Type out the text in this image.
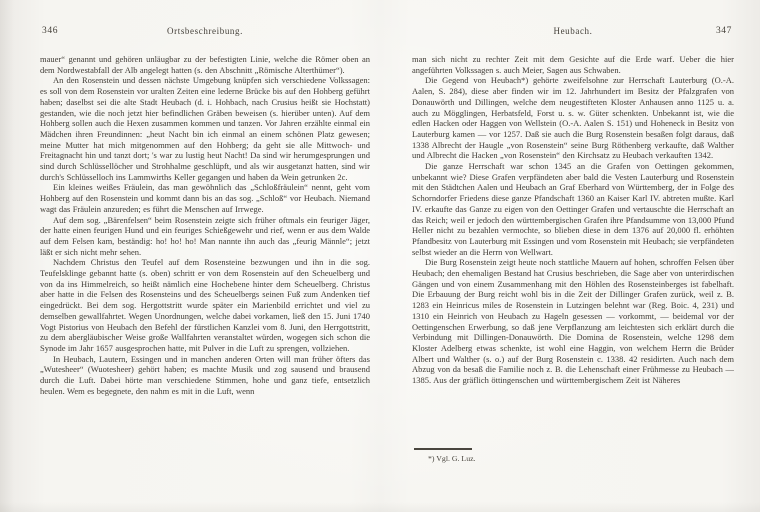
346	Ortsbeschreibung.

mauer“ genannt und gehören unläugbar zu der befestigten Linie, welche die Römer oben an dem Nordwestabfall der Alb angelegt hatten (s. den Abschnitt „Römische Alterthümer“).

An den Rosenstein und dessen nächste Umgebung knüpfen sich verschiedene Volkssagen: es soll von dem Rosenstein vor uralten Zeiten eine lederne Brücke bis auf den Hohberg geführt haben; daselbst sei die alte Stadt Heubach (d. i. Hohbach, nach Crusius heißt sie Hochstatt) gestanden, wie die noch jetzt hier befindlichen Gräben beweisen (s. hierüber unten). Auf dem Hohberg sollen auch die Hexen zusammen kommen und tanzen. Vor Jahren erzählte einmal ein Mädchen ihren Freundinnen: „heut Nacht bin ich einmal an einem schönen Platz gewesen; meine Mutter hat mich mitgenommen auf den Hohberg; da geht sie alle Mittwoch- und Freitagnacht hin und tanzt dort; 's war zu lustig heut Nacht! Da sind wir herumgesprungen und sind durch Schlüssellöcher und Strohhalme geschlüpft, und als wir ausgetanzt hatten, sind wir durch's Schlüsselloch ins Lammwirths Keller gegangen und haben da Wein getrunken 2c.

Ein kleines weißes Fräulein, das man gewöhnlich das „Schloßfräulein“ nennt, geht vom Hohberg auf den Rosenstein und kommt dann bis an das sog. „Schloß“ vor Heubach. Niemand wagt das Fräulein anzureden; es führt die Menschen auf Irrwege.

Auf dem sog. „Bärenfelsen“ beim Rosenstein zeigte sich früher oftmals ein feuriger Jäger, der hatte einen feurigen Hund und ein feuriges Schießgewehr und rief, wenn er aus dem Walde auf dem Felsen kam, beständig: ho! ho! ho! Man nannte ihn auch das „feurig Männle“; jetzt läßt er sich nicht mehr sehen.

Nachdem Christus den Teufel auf dem Rosensteine bezwungen und ihn in die sog. Teufelsklinge gebannt hatte (s. oben) schritt er von dem Rosenstein auf den Scheuelberg und von da ins Himmelreich, so heißt nämlich eine Hochebene hinter dem Scheuelberg. Christus aber hatte in die Felsen des Rosensteins und des Scheuelbergs seinen Fuß zum Andenken tief eingedrückt. Bei dem sog. Hergottstritt wurde später ein Marienbild errichtet und viel zu demselben gewallfahrtet. Wegen Unordnungen, welche dabei vorkamen, ließ den 15. Juni 1740 Vogt Pistorius von Heubach den Befehl der fürstlichen Kanzlei vom 8. Juni, den Herrgottstritt, zu dem abergläubischer Weise große Wallfahrten veranstaltet würden, wogegen sich schon die Synode im Jahr 1657 ausgesprochen hatte, mit Pulver in die Luft zu sprengen, vollziehen.

In Heubach, Lautern, Essingen und in manchen anderen Orten will man früher öfters das „Wutesheer“ (Wuotesheer) gehört haben; es machte Musik und zog sausend und brausend durch die Luft. Dabei hörte man verschiedene Stimmen, hohe und ganz tiefe, entsetzlich heulen. Wem es begegnete, den nahm es mit in die Luft, wenn

Heubach.	347

man sich nicht zu rechter Zeit mit dem Gesichte auf die Erde warf. Ueber die hier angeführten Volkssagen s. auch Meier, Sagen aus Schwaben.

Die Gegend von Heubach*) gehörte zweifelsohne zur Herrschaft Lauterburg (O.-A. Aalen, S. 284), diese aber finden wir im 12. Jahrhundert im Besitz der Pfalzgrafen von Donauwörth und Dillingen, welche dem neugestifteten Kloster Anhausen anno 1125 u. a. auch zu Mögglingen, Herbatsfeld, Forst u. s. w. Güter schenkten. Unbekannt ist, wie die edlen Hacken oder Haggen von Wellstein (O.-A. Aalen S. 151) und Hoheneck in Besitz von Lauterburg kamen — vor 1257. Daß sie auch die Burg Rosenstein besaßen folgt daraus, daß 1338 Albrecht der Haugle „von Rosenstein“ seine Burg Röthenberg verkaufte, daß Walther und Albrecht die Hacken „von Rosenstein“ den Kirchsatz zu Heubach verkauften 1342.

Die ganze Herrschaft war schon 1345 an die Grafen von Oettingen gekommen, unbekannt wie? Diese Grafen verpfändeten aber bald die Vesten Lauterburg und Rosenstein mit den Städtchen Aalen und Heubach an Graf Eberhard von Württemberg, der in Folge des Schorndorfer Friedens diese ganze Pfandschaft 1360 an Kaiser Karl IV. abtreten mußte. Karl IV. erkaufte das Ganze zu eigen von den Oettinger Grafen und vertauschte die Herrschaft an das Reich; weil er jedoch den württembergischen Grafen ihre Pfandsumme von 13,000 Pfund Heller nicht zu bezahlen vermochte, so blieben diese in dem 1376 auf 20,000 fl. erhöhten Pfandbesitz von Lauterburg mit Essingen und vom Rosenstein mit Heubach; sie verpfändeten selbst wieder an die Herrn von Wellwart.

Die Burg Rosenstein zeigt heute noch stattliche Mauern auf hohen, schroffen Felsen über Heubach; den ehemaligen Bestand hat Crusius beschrieben, die Sage aber von unterirdischen Gängen und von einem Zusammenhang mit den Höhlen des Rosensteinberges ist fabelhaft. Die Erbauung der Burg reicht wohl bis in die Zeit der Dillinger Grafen zurück, weil z. B. 1283 ein Heinricus miles de Rosenstein in Lutzingen belehnt war (Reg. Boic. 4, 231) und 1310 ein Heinrich von Heubach zu Hageln gesessen — vorkommt, — beidemal vor der Oettingenschen Erwerbung, so daß jene Verpflanzung am leichtesten sich erklärt durch die Verbindung mit Dillingen-Donauwörth. Die Domina de Rosenstein, welche 1298 dem Kloster Adelberg etwas schenkte, ist wohl eine Haggin, von welchem Herrn die Brüder Albert und Walther (s. o.) auf der Burg Rosenstein c. 1338. 42 residirten. Auch nach dem Abzug von da besaß die Familie noch z. B. die Lehenschaft einer Frühmesse zu Heubach — 1385. Aus der gräflich öttingenschen und württembergischem Zeit ist Näheres

*) Vgl. G. Luz.
